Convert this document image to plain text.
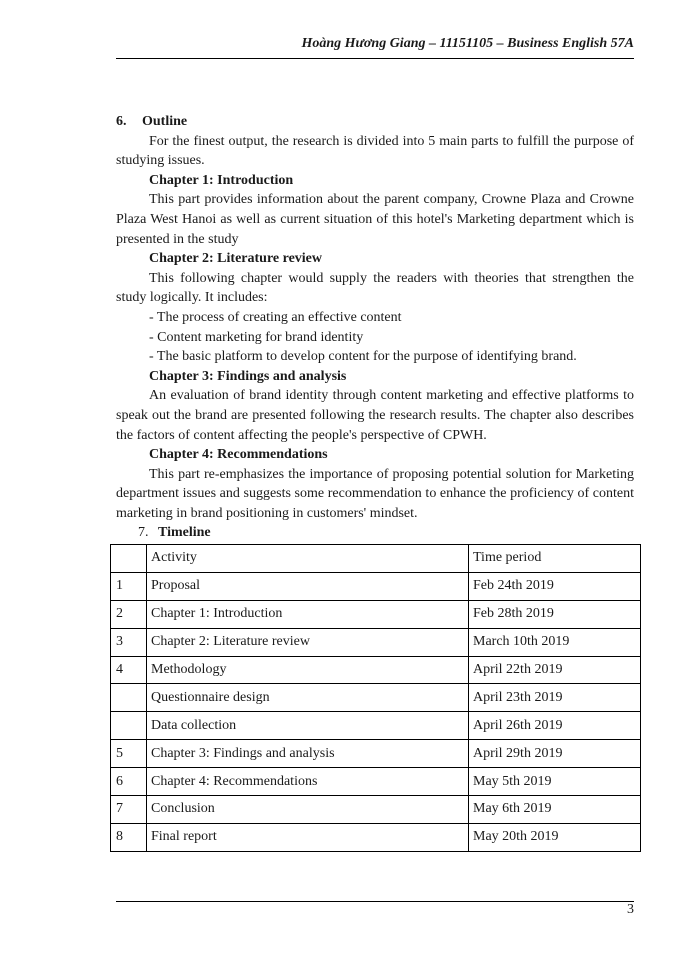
Hoàng Hương Giang – 11151105 – Business English 57A

6. Outline

For the finest output, the research is divided into 5 main parts to fulfill the purpose of studying issues.

Chapter 1: Introduction

This part provides information about the parent company, Crowne Plaza and Crowne Plaza West Hanoi as well as current situation of this hotel's Marketing department which is presented in the study

Chapter 2: Literature review

This following chapter would supply the readers with theories that strengthen the study logically. It includes:

- The process of creating an effective content

- Content marketing for brand identity

- The basic platform to develop content for the purpose of identifying brand.

Chapter 3: Findings and analysis

An evaluation of brand identity through content marketing and effective platforms to speak out the brand are presented following the research results. The chapter also describes the factors of content affecting the people's perspective of CPWH.

Chapter 4: Recommendations

This part re-emphasizes the importance of proposing potential solution for Marketing department issues and suggests some recommendation to enhance the proficiency of content marketing in brand positioning in customers' mindset.

7. Timeline

	Activity	Time period
1	Proposal	Feb 24th 2019
2	Chapter 1: Introduction	Feb 28th 2019
3	Chapter 2: Literature review	March 10th 2019
4	Methodology	April 22th 2019
	Questionnaire design	April 23th 2019
	Data collection	April 26th 2019
5	Chapter 3: Findings and analysis	April 29th 2019
6	Chapter 4: Recommendations	May 5th 2019
7	Conclusion	May 6th 2019
8	Final report	May 20th 2019
3
